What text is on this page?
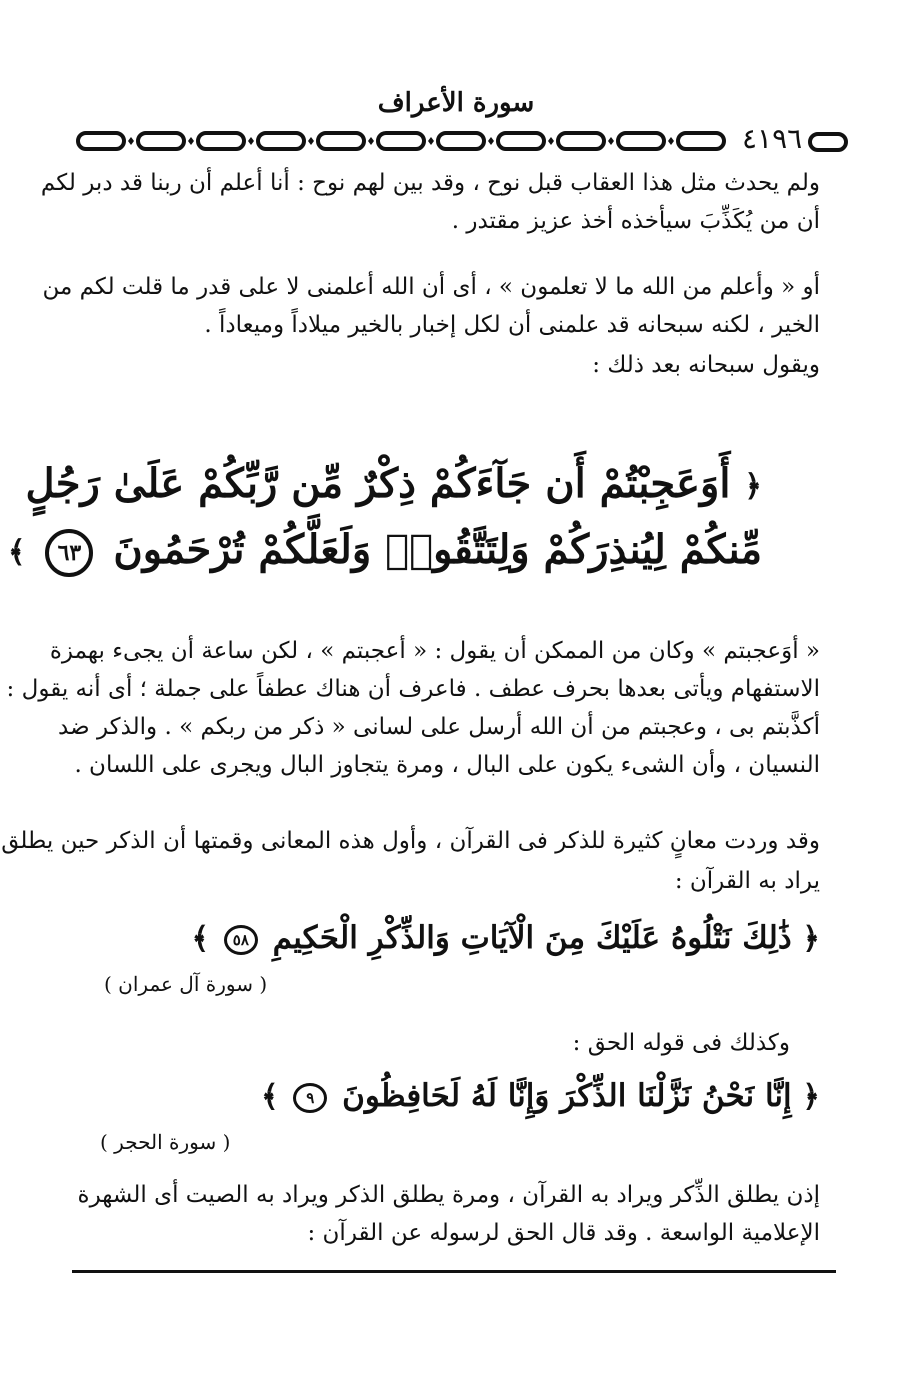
سورة الأعراف
٤١٩٦
ولم يحدث مثل هذا العقاب قبل نوح ، وقد بين لهم نوح : أنا أعلم أن ربنا قد دبر لكم
أن من يُكَذِّبَ سيأخذه أخذ عزيز مقتدر .
أو « وأعلم من الله ما لا تعلمون » ، أى أن الله أعلمنى لا على قدر ما قلت لكم من
الخير ، لكنه سبحانه قد علمنى أن لكل إخبار بالخير ميلاداً وميعاداً .
ويقول سبحانه بعد ذلك :
﴿ أَوَعَجِبْتُمْ أَن جَآءَكُمْ ذِكْرٌ مِّن رَّبِّكُمْ عَلَىٰ رَجُلٍ
مِّنكُمْ لِيُنذِرَكُمْ وَلِتَتَّقُوا۟ وَلَعَلَّكُمْ تُرْحَمُونَ ٦٣ ﴾
« أوَعجبتم » وكان من الممكن أن يقول : « أعجبتم » ، لكن ساعة أن يجىء بهمزة
الاستفهام ويأتى بعدها بحرف عطف . فاعرف أن هناك عطفاً على جملة ؛ أى أنه يقول :
أكذَّبتم بى ، وعجبتم من أن الله أرسل على لسانى « ذكر من ربكم » . والذكر ضد
النسيان ، وأن الشىء يكون على البال ، ومرة يتجاوز البال ويجرى على اللسان .
وقد وردت معانٍ كثيرة للذكر فى القرآن ، وأول هذه المعانى وقمتها أن الذكر حين يطلق
يراد به القرآن :
﴿ ذَٰلِكَ نَتْلُوهُ عَلَيْكَ مِنَ الْآيَاتِ وَالذِّكْرِ الْحَكِيمِ ٥٨ ﴾
( سورة آل عمران )
وكذلك فى قوله الحق :
﴿ إِنَّا نَحْنُ نَزَّلْنَا الذِّكْرَ وَإِنَّا لَهُ لَحَافِظُونَ ٩ ﴾
( سورة الحجر )
إذن يطلق الذِّكر ويراد به القرآن ، ومرة يطلق الذكر ويراد به الصيت أى الشهرة
الإعلامية الواسعة . وقد قال الحق لرسوله عن القرآن :
